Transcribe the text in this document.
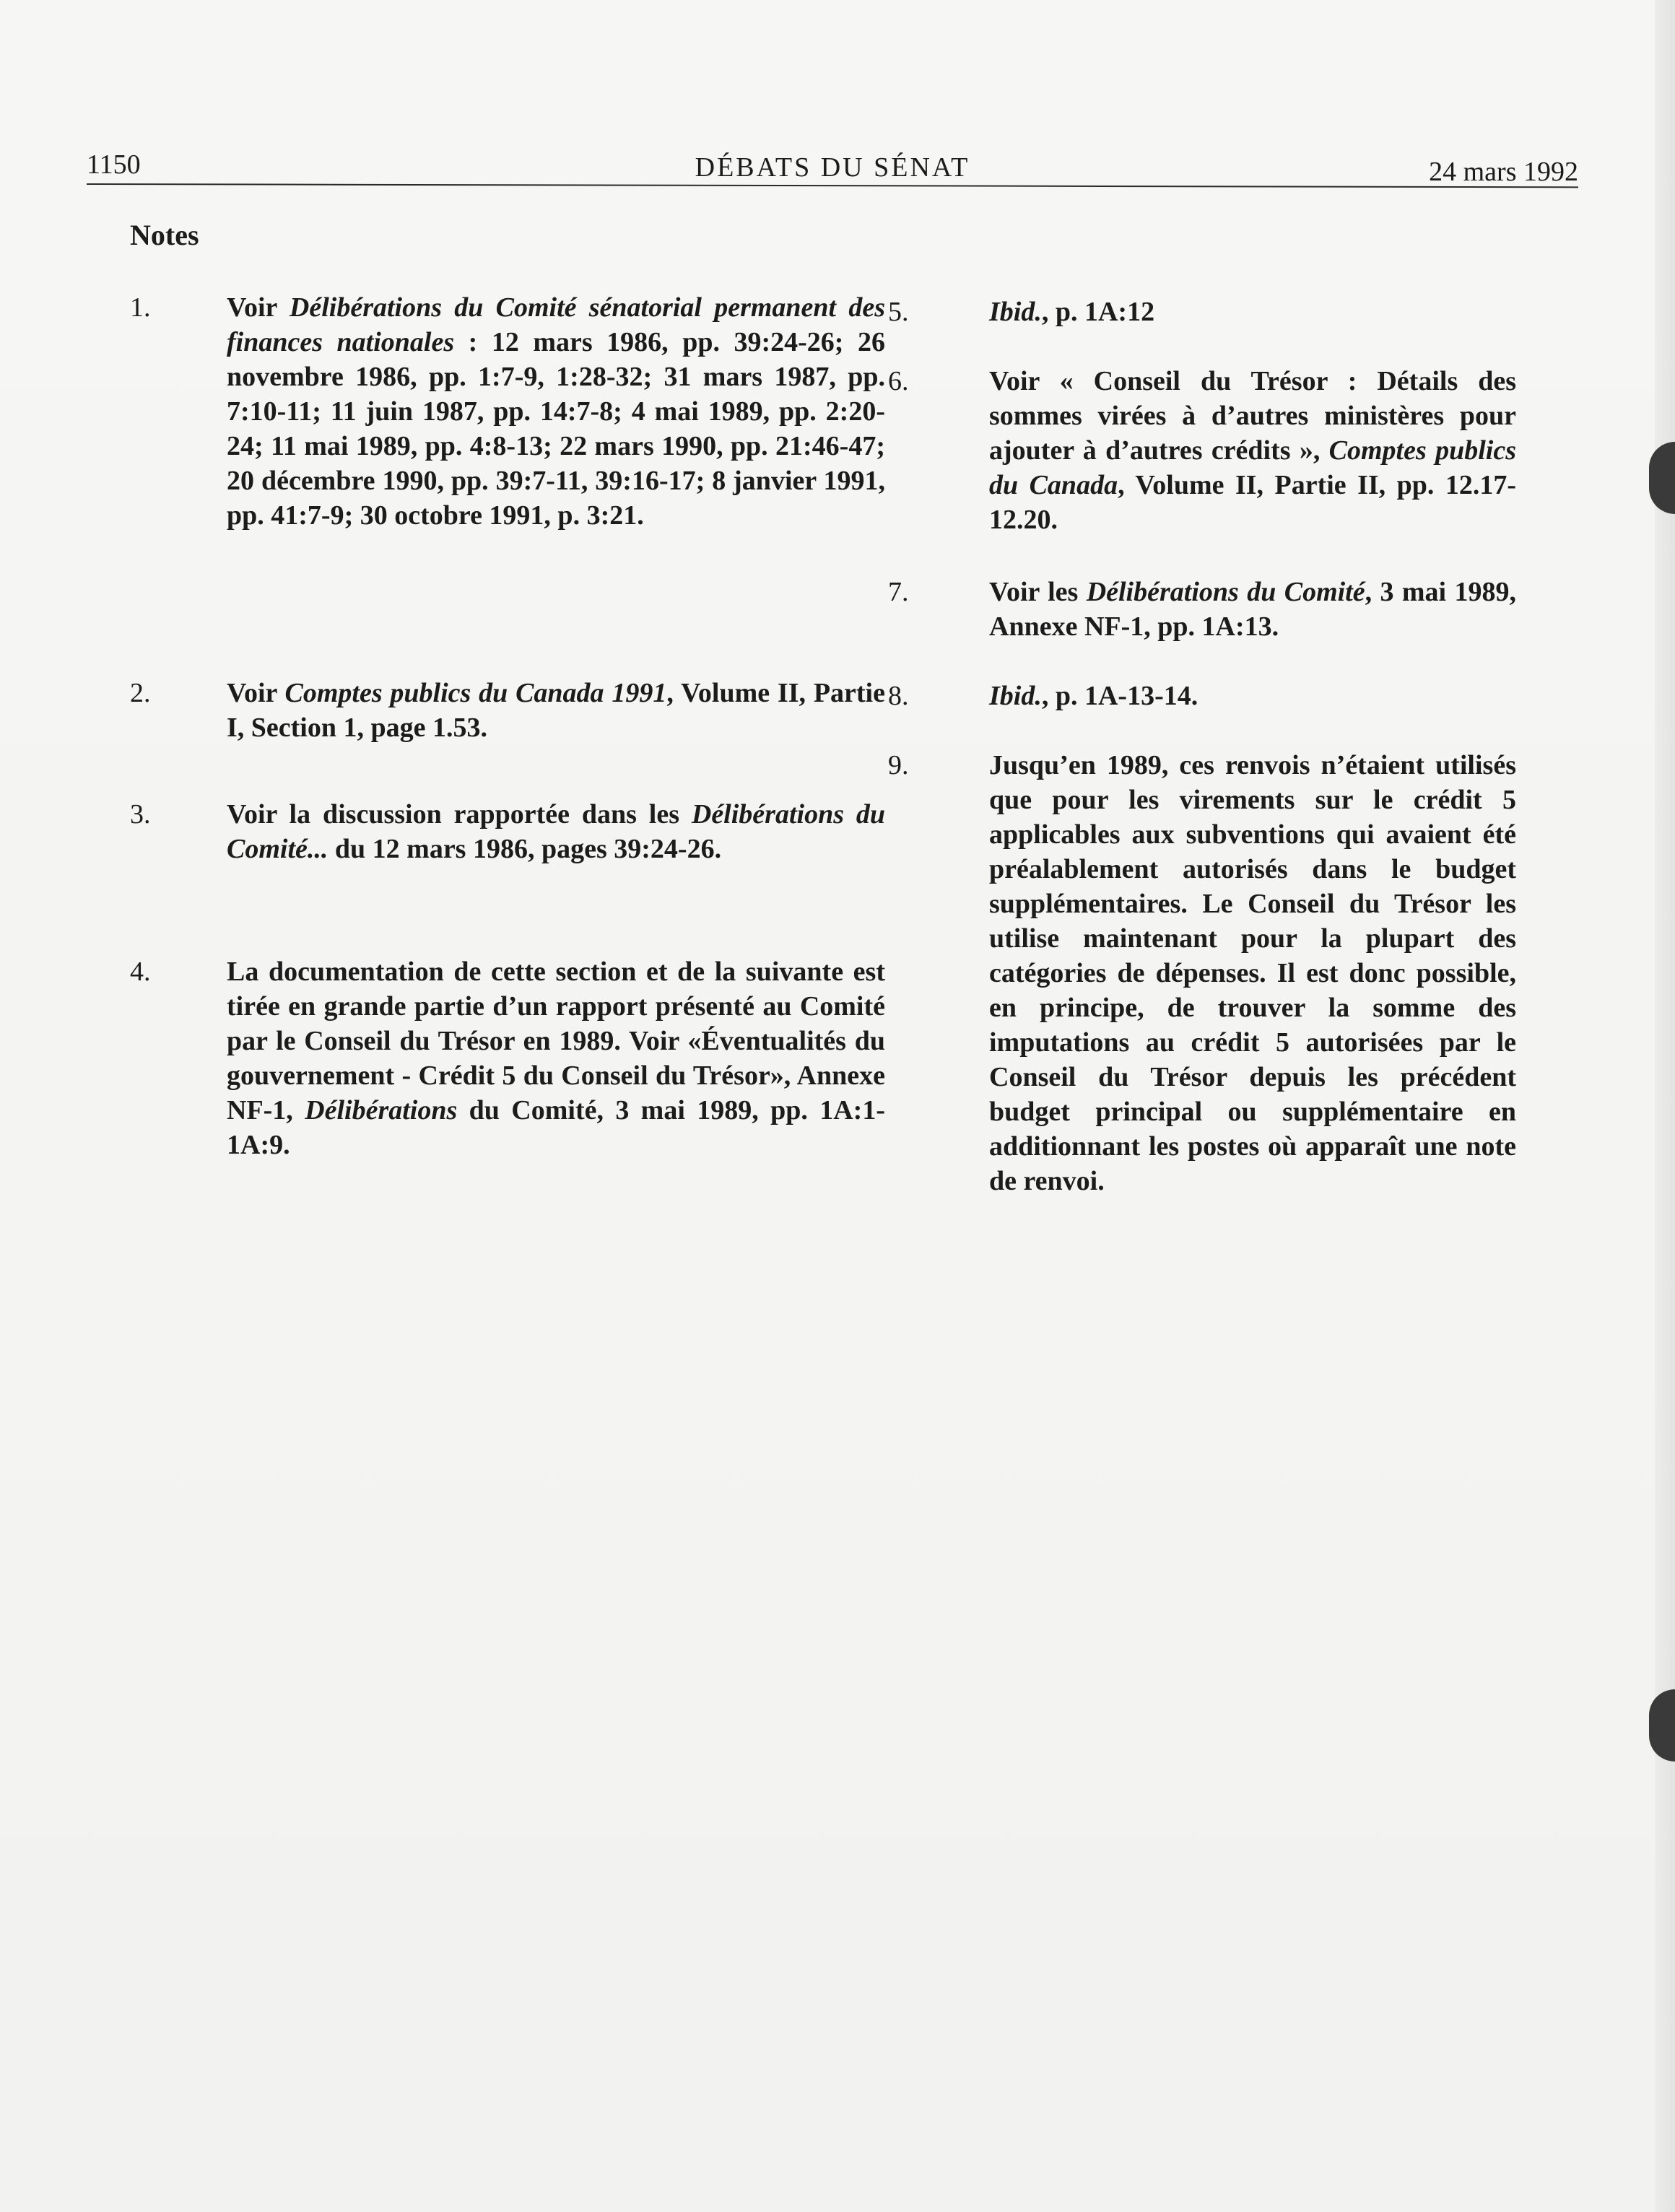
1150	DÉBATS DU SÉNAT	24 mars 1992
Notes
1.	Voir Délibérations du Comité sénatorial permanent des finances nationales : 12 mars 1986, pp. 39:24-26; 26 novembre 1986, pp. 1:7-9, 1:28-32; 31 mars 1987, pp. 7:10-11; 11 juin 1987, pp. 14:7-8; 4 mai 1989, pp. 2:20-24; 11 mai 1989, pp. 4:8-13; 22 mars 1990, pp. 21:46-47; 20 décembre 1990, pp. 39:7-11, 39:16-17; 8 janvier 1991, pp. 41:7-9; 30 octobre 1991, p. 3:21.
2.	Voir Comptes publics du Canada 1991, Volume II, Partie I, Section 1, page 1.53.
3.	Voir la discussion rapportée dans les Délibérations du Comité... du 12 mars 1986, pages 39:24-26.
4.	La documentation de cette section et de la suivante est tirée en grande partie d’un rapport présenté au Comité par le Conseil du Trésor en 1989. Voir «Éventualités du gouvernement - Crédit 5 du Conseil du Trésor», Annexe NF-1, Délibérations du Comité, 3 mai 1989, pp. 1A:1-1A:9.
5.	Ibid., p. 1A:12
6.	Voir « Conseil du Trésor : Détails des sommes virées à d’autres ministères pour ajouter à d’autres crédits », Comptes publics du Canada, Volume II, Partie II, pp. 12.17-12.20.
7.	Voir les Délibérations du Comité, 3 mai 1989, Annexe NF-1, pp. 1A:13.
8.	Ibid., p. 1A-13-14.
9.	Jusqu’en 1989, ces renvois n’étaient utilisés que pour les virements sur le crédit 5 applicables aux subventions qui avaient été préalablement autorisés dans le budget supplémentaires. Le Conseil du Trésor les utilise maintenant pour la plupart des catégories de dépenses. Il est donc possible, en principe, de trouver la somme des imputations au crédit 5 autorisées par le Conseil du Trésor depuis les précédent budget principal ou supplémentaire en additionnant les postes où apparaît une note de renvoi.
